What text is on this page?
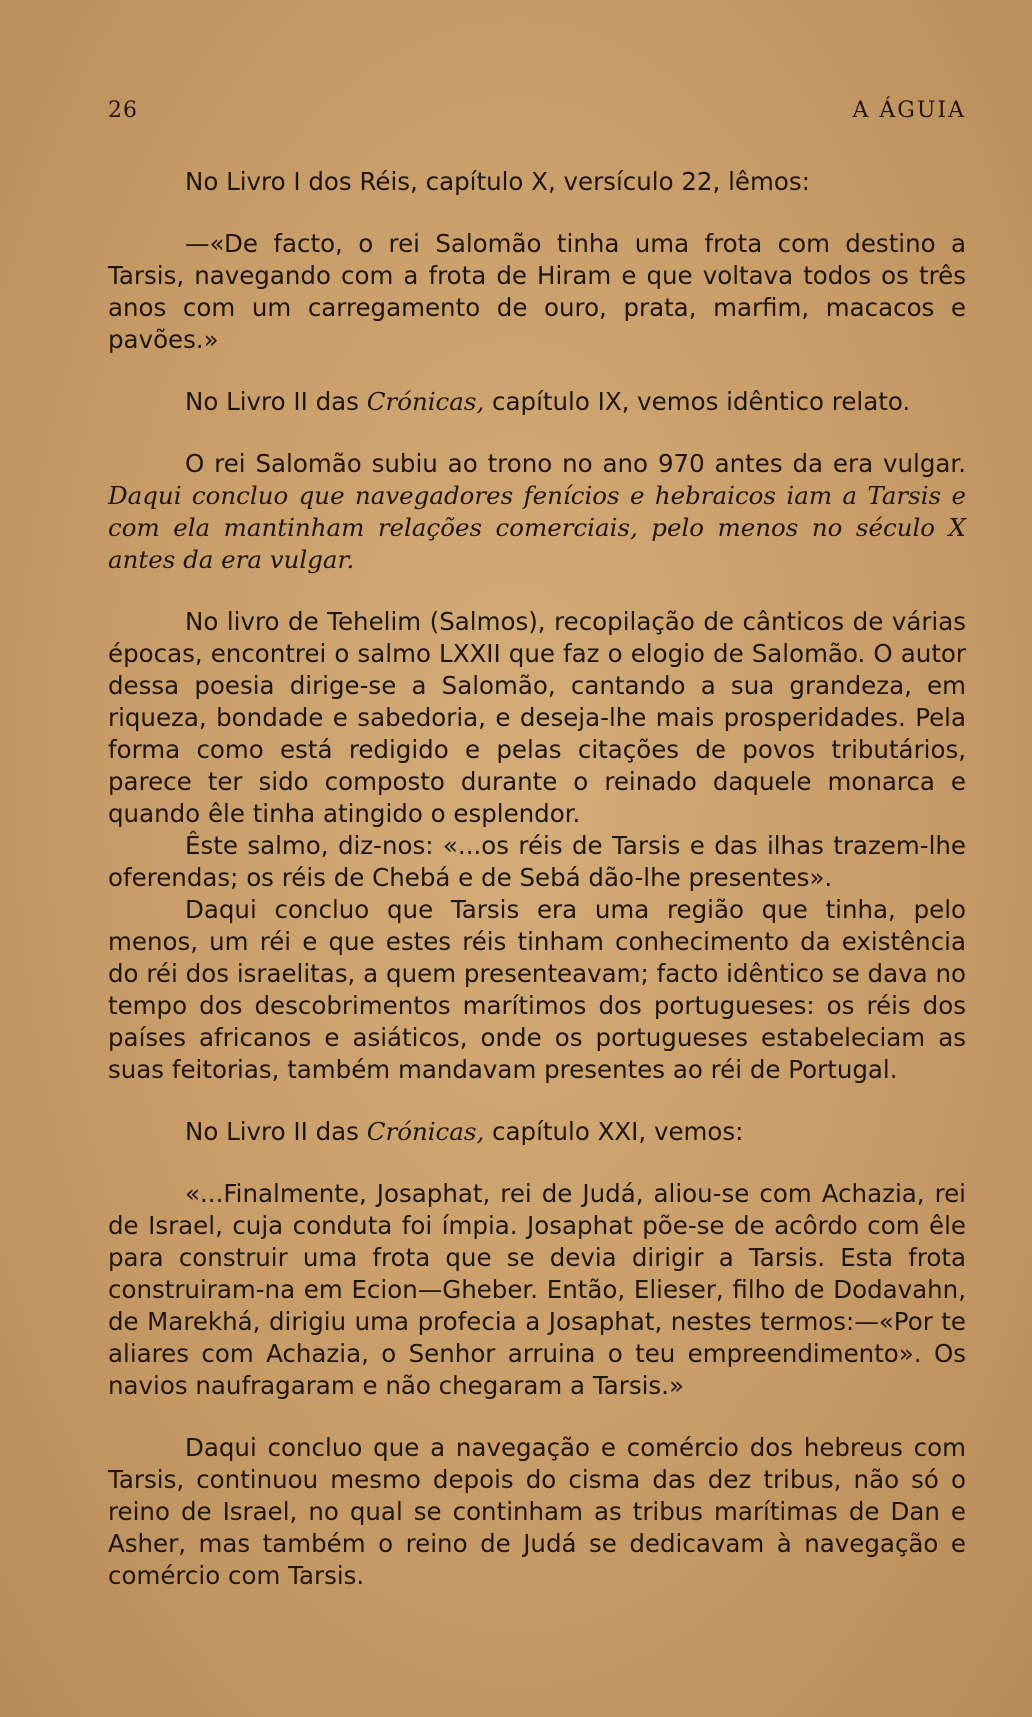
26	A ÁGUIA

No Livro I dos Réis, capítulo X, versículo 22, lêmos:

—«De facto, o rei Salomão tinha uma frota com destino a Tarsis, navegando com a frota de Hiram e que voltava todos os três anos com um carregamento de ouro, prata, marfim, macacos e pavões.»

No Livro II das Crónicas, capítulo IX, vemos idêntico relato.

O rei Salomão subiu ao trono no ano 970 antes da era vulgar. Daqui concluo que navegadores fenícios e hebraicos iam a Tarsis e com ela mantinham relações comerciais, pelo menos no século X antes da era vulgar.

No livro de Tehelim (Salmos), recopilação de cânticos de várias épocas, encontrei o salmo LXXII que faz o elogio de Salomão. O autor dessa poesia dirige-se a Salomão, cantando a sua grandeza, em riqueza, bondade e sabedoria, e deseja-lhe mais prosperidades. Pela forma como está redigido e pelas citações de povos tributários, parece ter sido composto durante o reinado daquele monarca e quando êle tinha atingido o esplendor.

Êste salmo, diz-nos: «...os réis de Tarsis e das ilhas trazem-lhe oferendas; os réis de Chebá e de Sebá dão-lhe presentes».

Daqui concluo que Tarsis era uma região que tinha, pelo menos, um réi e que estes réis tinham conhecimento da existência do réi dos israelitas, a quem presenteavam; facto idêntico se dava no tempo dos descobrimentos marítimos dos portugueses: os réis dos países africanos e asiáticos, onde os portugueses estabeleciam as suas feitorias, também mandavam presentes ao réi de Portugal.

No Livro II das Crónicas, capítulo XXI, vemos:

«...Finalmente, Josaphat, rei de Judá, aliou-se com Achazia, rei de Israel, cuja conduta foi ímpia. Josaphat põe-se de acôrdo com êle para construir uma frota que se devia dirigir a Tarsis. Esta frota construiram-na em Ecion—Gheber. Então, Elieser, filho de Dodavahn, de Marekhá, dirigiu uma profecia a Josaphat, nestes termos:—«Por te aliares com Achazia, o Senhor arruina o teu empreendimento». Os navios naufragaram e não chegaram a Tarsis.»

Daqui concluo que a navegação e comércio dos hebreus com Tarsis, continuou mesmo depois do cisma das dez tribus, não só o reino de Israel, no qual se continham as tribus marítimas de Dan e Asher, mas também o reino de Judá se dedicavam à navegação e comércio com Tarsis.
